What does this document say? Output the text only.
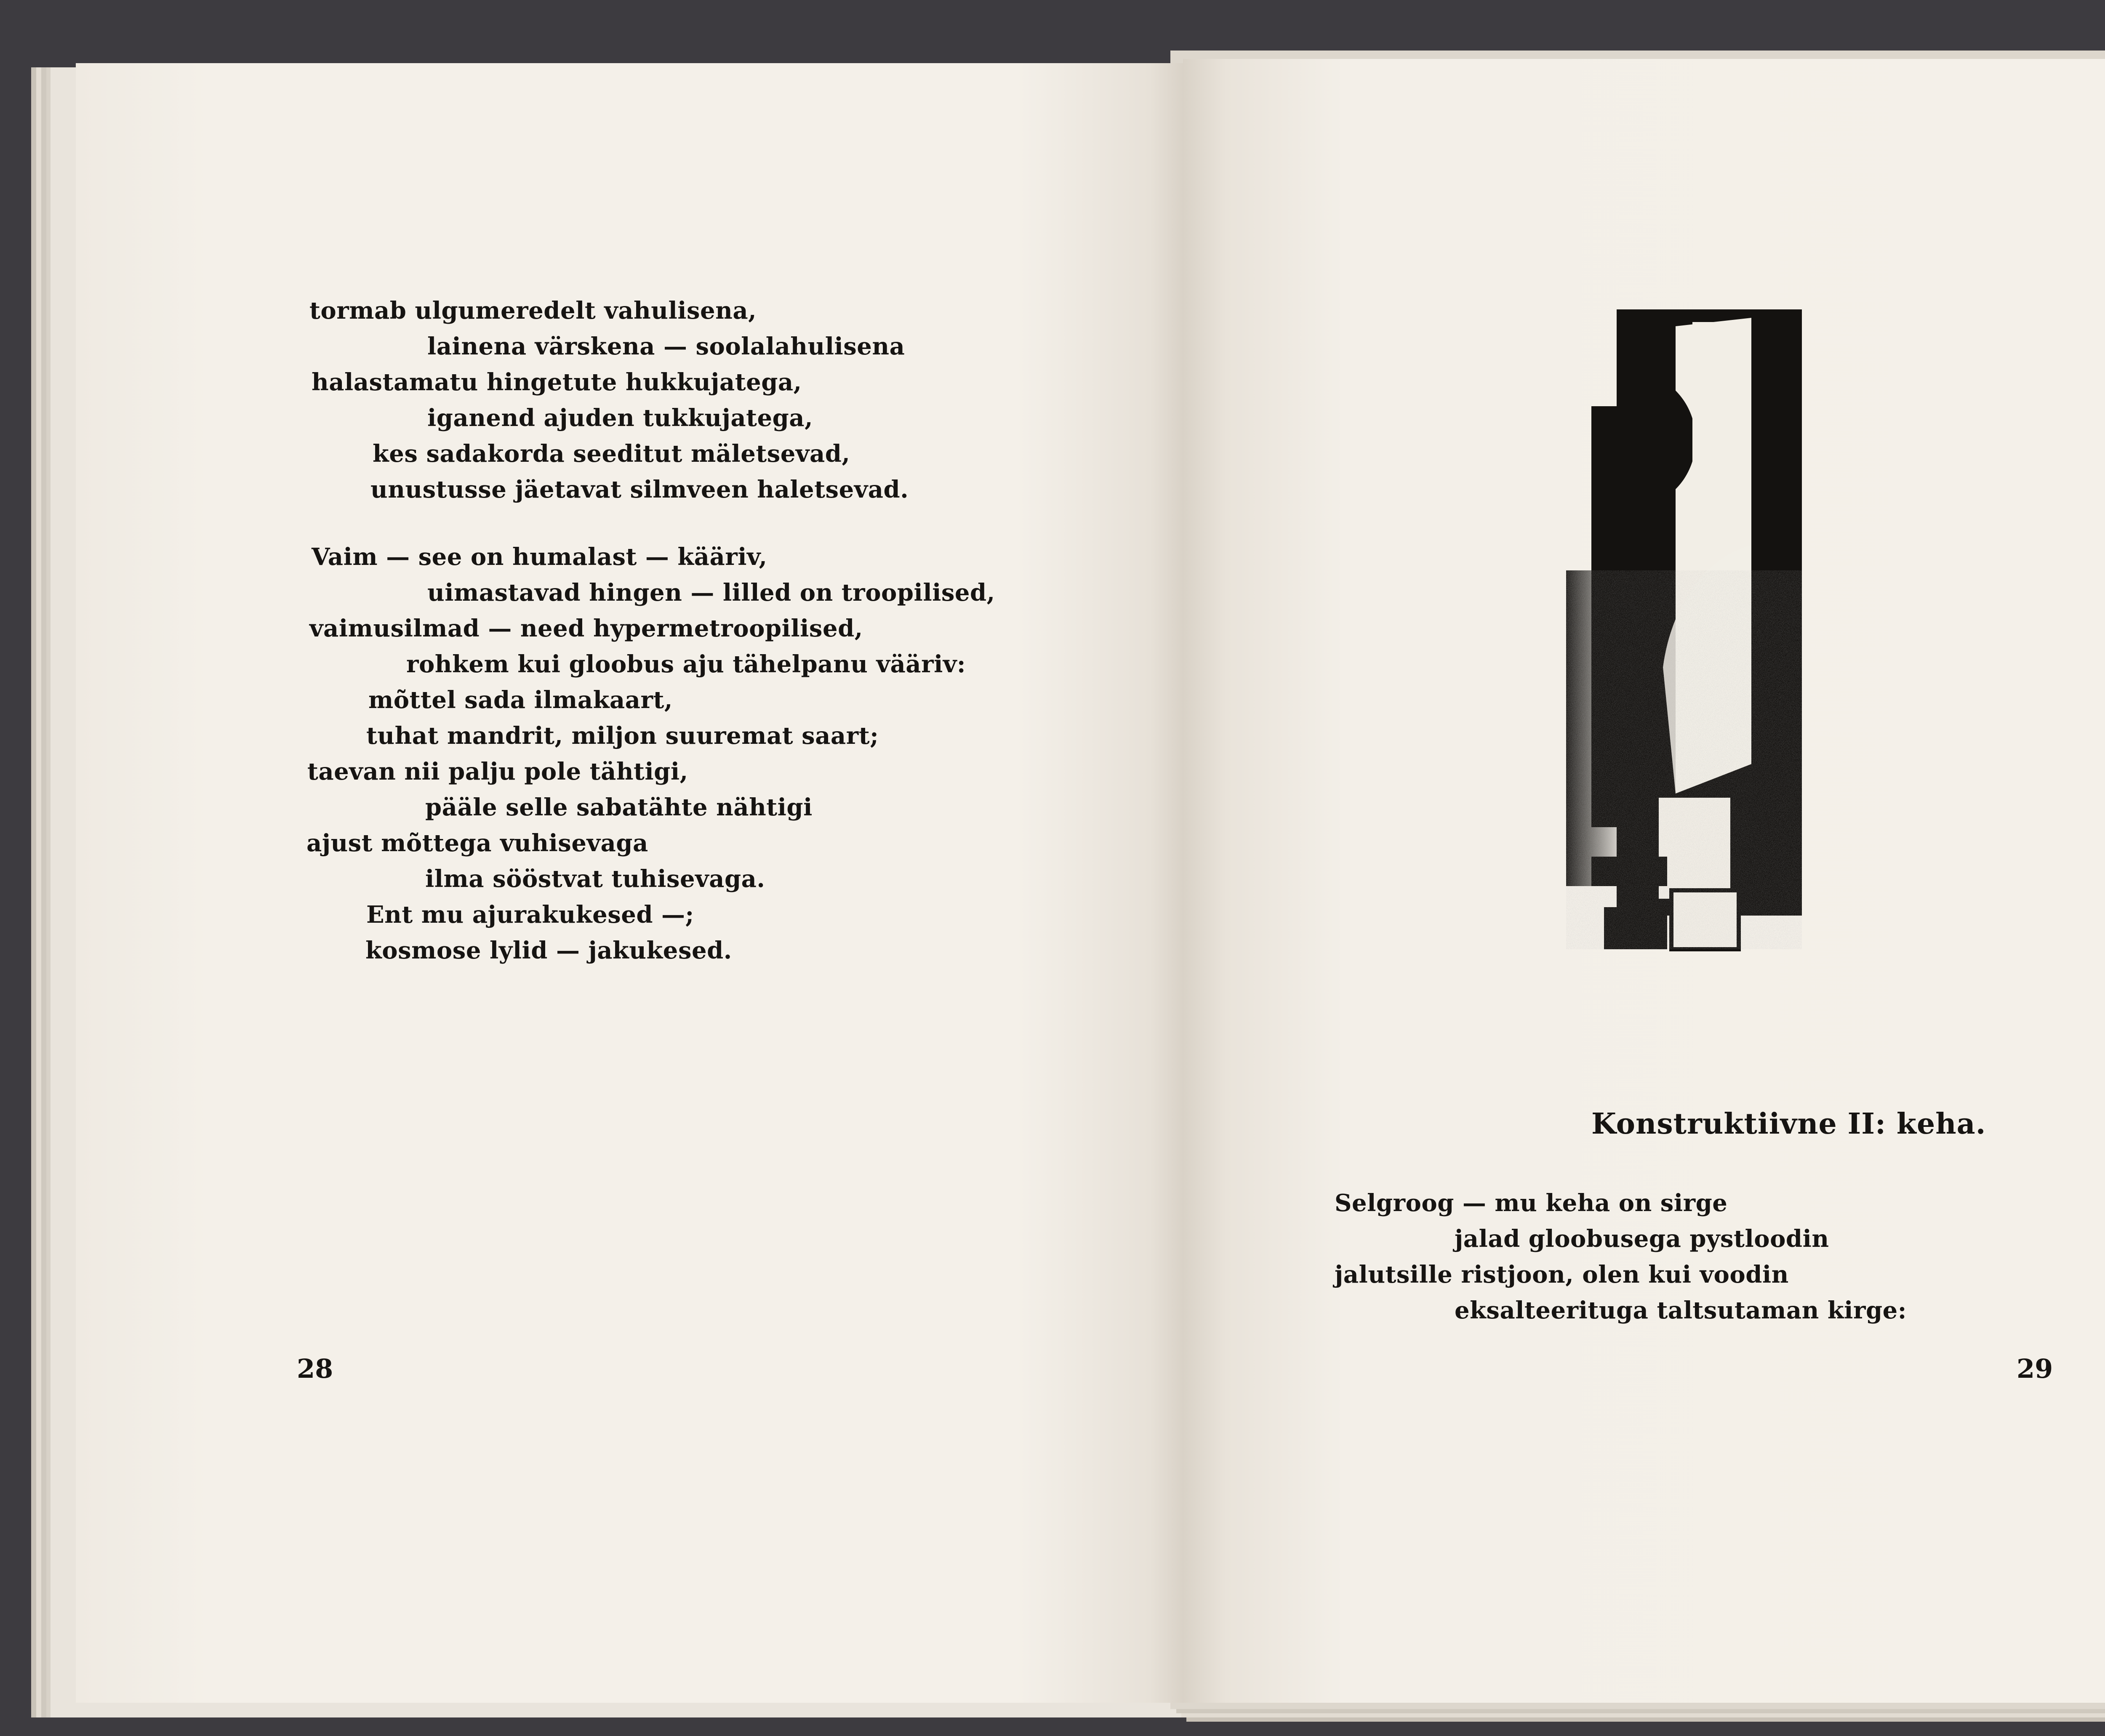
tormab ulgumeredelt vahulisena,
lainena värskena — soolalahulisena
halastamatu hingetute hukkujatega,
iganend ajuden tukkujatega,
kes sadakorda seeditut mäletsevad,
unustusse jäetavat silmveen haletsevad.
Vaim — see on humalast — kääriv,
uimastavad hingen — lilled on troopilised,
vaimusilmad — need hypermetroopilised,
rohkem kui gloobus aju tähelpanu vääriv:
mõttel sada ilmakaart,
tuhat mandrit, miljon suuremat saart;
taevan nii palju pole tähtigi,
pääle selle sabatähte nähtigi
ajust mõttega vuhisevaga
ilma sööstvat tuhisevaga.
Ent mu ajurakukesed —;
kosmose lylid — jakukesed.
28
Konstruktiivne II: keha.
Selgroog — mu keha on sirge
jalad gloobusega pystloodin
jalutsille ristjoon, olen kui voodin
eksalteerituga taltsutaman kirge:
29
